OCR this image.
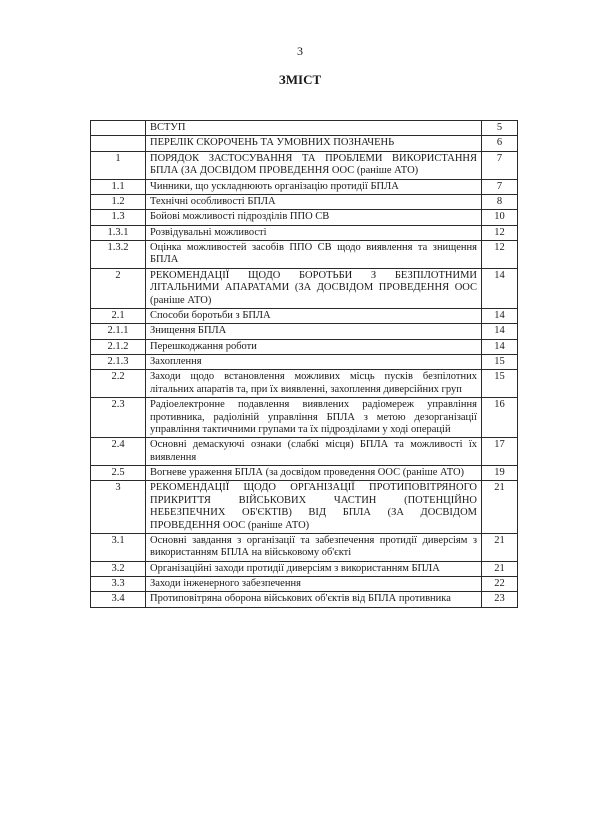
3
ЗМІСТ
	ВСТУП	5
	ПЕРЕЛІК СКОРОЧЕНЬ ТА УМОВНИХ ПОЗНАЧЕНЬ	6
1	ПОРЯДОК ЗАСТОСУВАННЯ ТА ПРОБЛЕМИ ВИКОРИСТАННЯ БПЛА (ЗА ДОСВІДОМ ПРОВЕДЕННЯ ООС (раніше АТО)	7
1.1	Чинники, що ускладнюють організацію протидії БПЛА	7
1.2	Технічні особливості БПЛА	8
1.3	Бойові можливості підрозділів ППО СВ	10
1.3.1	Розвідувальні можливості	12
1.3.2	Оцінка можливостей засобів ППО СВ щодо виявлення та знищення БПЛА	12
2	РЕКОМЕНДАЦІЇ ЩОДО БОРОТЬБИ З БЕЗПІЛОТНИМИ ЛІТАЛЬНИМИ АПАРАТАМИ (ЗА ДОСВІДОМ ПРОВЕДЕННЯ ООС (раніше АТО)	14
2.1	Способи боротьби з БПЛА	14
2.1.1	Знищення БПЛА	14
2.1.2	Перешкоджання роботи	14
2.1.3	Захоплення	15
2.2	Заходи щодо встановлення можливих місць пусків безпілотних літальних апаратів та, при їх виявленні, захоплення диверсійних груп	15
2.3	Радіоелектронне подавлення виявлених радіомереж управління противника, радіоліній управління БПЛА з метою дезорганізації управління тактичними групами та їх підрозділами у ході операцій	16
2.4	Основні демаскуючі ознаки (слабкі місця) БПЛА та можливості їх виявлення	17
2.5	Вогневе ураження БПЛА (за досвідом проведення ООС (раніше АТО)	19
3	РЕКОМЕНДАЦІЇ ЩОДО ОРГАНІЗАЦІЇ ПРОТИПОВІТРЯНОГО ПРИКРИТТЯ ВІЙСЬКОВИХ ЧАСТИН (ПОТЕНЦІЙНО НЕБЕЗПЕЧНИХ ОБ'ЄКТІВ) ВІД БПЛА (ЗА ДОСВІДОМ ПРОВЕДЕННЯ ООС (раніше АТО)	21
3.1	Основні завдання з організації та забезпечення протидії диверсіям з використанням БПЛА на військовому об'єкті	21
3.2	Організаційні заходи протидії диверсіям з використанням БПЛА	21
3.3	Заходи інженерного забезпечення	22
3.4	Протиповітряна оборона військових об'єктів від БПЛА противника	23
